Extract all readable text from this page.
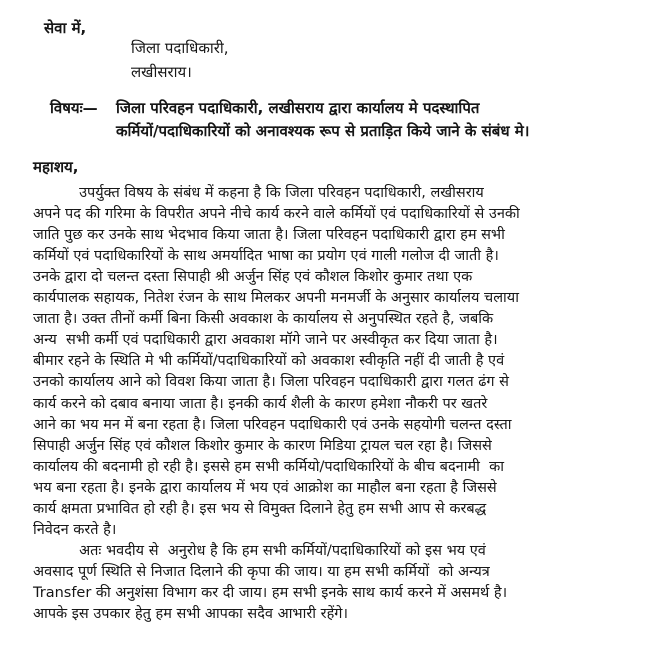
सेवा में,
जिला पदाधिकारी,
लखीसराय।
विषयः— जिला परिवहन पदाधिकारी, लखीसराय द्वारा कार्यालय मे पदस्थापित
कर्मियों/पदाधिकारियों को अनावश्यक रूप से प्रताड़ित किये जाने के संबंध मे।
महाशय,
उपर्युक्त विषय के संबंध में कहना है कि जिला परिवहन पदाधिकारी, लखीसराय
अपने पद की गरिमा के विपरीत अपने नीचे कार्य करने वाले कर्मियों एवं पदाधिकारियों से उनकी
जाति पुछ कर उनके साथ भेदभाव किया जाता है। जिला परिवहन पदाधिकारी द्वारा हम सभी
कर्मियों एवं पदाधिकारियों के साथ अमर्यादित भाषा का प्रयोग एवं गाली गलोज दी जाती है।
उनके द्वारा दो चलन्त दस्ता सिपाही श्री अर्जुन सिंह एवं कौशल किशोर कुमार तथा एक
कार्यपालक सहायक, नितेश रंजन के साथ मिलकर अपनी मनमर्जी के अनुसार कार्यालय चलाया
जाता है। उक्त तीनों कर्मी बिना किसी अवकाश के कार्यालय से अनुपस्थित रहते है, जबकि
अन्य  सभी कर्मी एवं पदाधिकारी द्वारा अवकाश मॉगे जाने पर अस्वीकृत कर दिया जाता है।
बीमार रहने के स्थिति मे भी कर्मियों/पदाधिकारियों को अवकाश स्वीकृति नहीं दी जाती है एवं
उनको कार्यालय आने को विवश किया जाता है। जिला परिवहन पदाधिकारी द्वारा गलत ढंग से
कार्य करने को दबाव बनाया जाता है। इनकी कार्य शैली के कारण हमेशा नौकरी पर खतरे
आने का भय मन में बना रहता है। जिला परिवहन पदाधिकारी एवं उनके सहयोगी चलन्त दस्ता
सिपाही अर्जुन सिंह एवं कौशल किशोर कुमार के कारण मिडिया ट्रायल चल रहा है। जिससे
कार्यालय की बदनामी हो रही है। इससे हम सभी कर्मियो/पदाधिकारियों के बीच बदनामी  का
भय बना रहता है। इनके द्वारा कार्यालय में भय एवं आक्रोश का माहौल बना रहता है जिससे
कार्य क्षमता प्रभावित हो रही है। इस भय से विमुक्त दिलाने हेतु हम सभी आप से करबद्ध
निवेदन करते है।
अतः भवदीय से  अनुरोध है कि हम सभी कर्मियों/पदाधिकारियों को इस भय एवं
अवसाद पूर्ण स्थिति से निजात दिलाने की कृपा की जाय। या हम सभी कर्मियों  को अन्यत्र
Transfer की अनुशंसा विभाग कर दी जाय। हम सभी इनके साथ कार्य करने में असमर्थ है।
आपके इस उपकार हेतु हम सभी आपका सदैव आभारी रहेंगे।
